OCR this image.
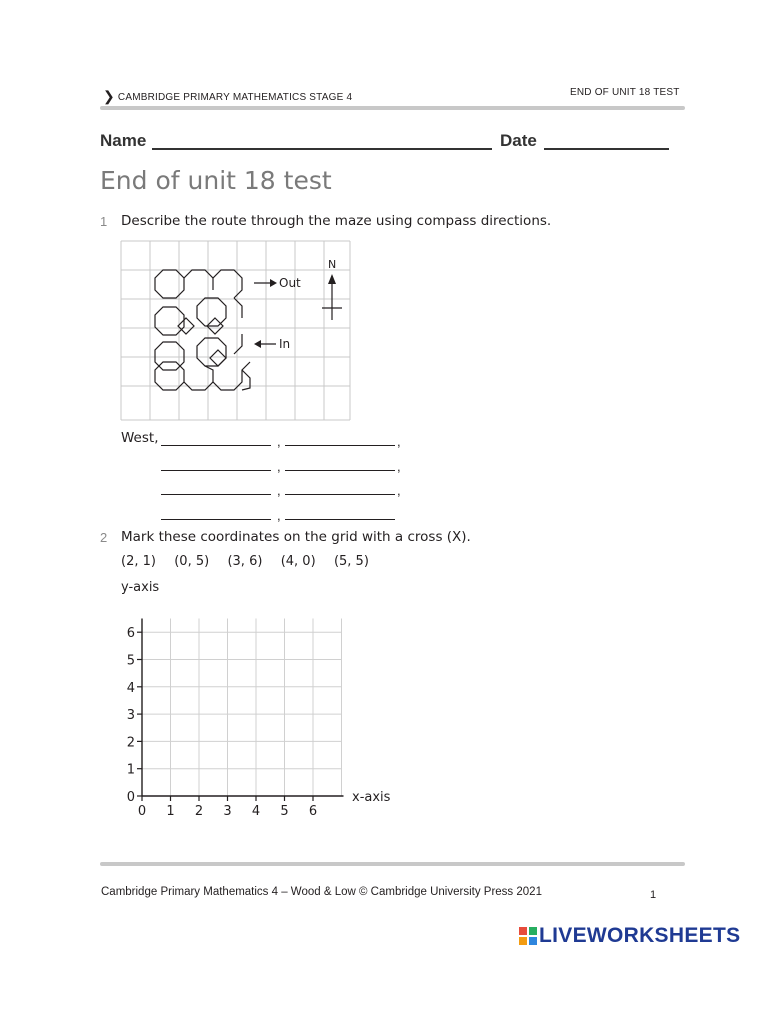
❯ CAMBRIDGE PRIMARY MATHEMATICS STAGE 4	END OF UNIT 18 TEST
Name	Date
End of unit 18 test
1 Describe the route through the maze using compass directions.
Out
In
N
West,	,	,
,	,
,	,
,
2 Mark these coordinates on the grid with a cross (X).
(2, 1) (0, 5) (3, 6) (4, 0) (5, 5)
y-axis
x-axis
0 1 2 3 4 5 6
0
1
2
3
4
5
6
Cambridge Primary Mathematics 4 – Wood & Low © Cambridge University Press 2021	1
LIVEWORKSHEETS
